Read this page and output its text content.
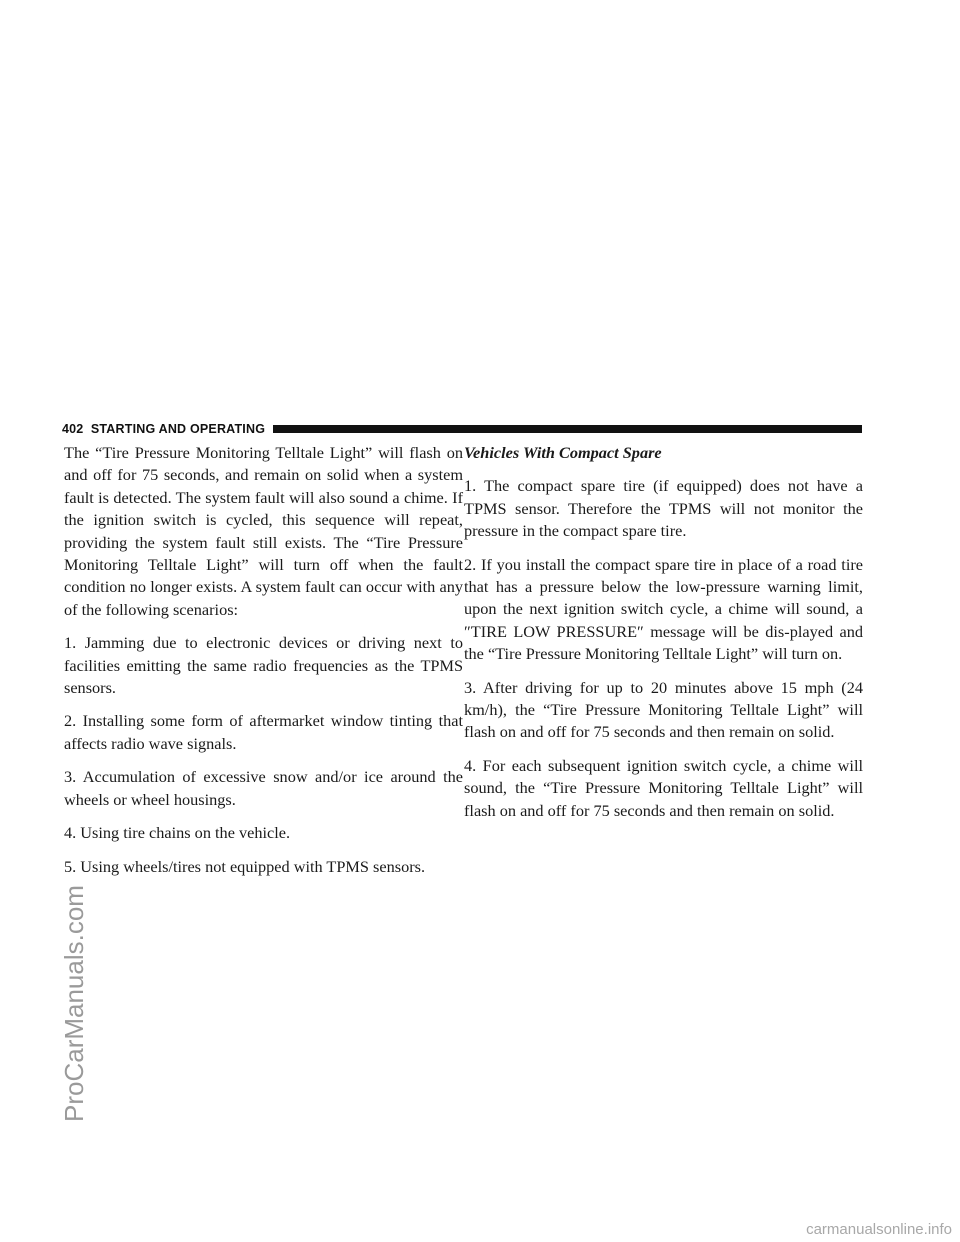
ProCarManuals.com
402 STARTING AND OPERATING

The “Tire Pressure Monitoring Telltale Light” will flash on and off for 75 seconds, and remain on solid when a system fault is detected. The system fault will also sound a chime. If the ignition switch is cycled, this sequence will repeat, providing the system fault still exists. The “Tire Pressure Monitoring Telltale Light” will turn off when the fault condition no longer exists. A system fault can occur with any of the following scenarios:

1. Jamming due to electronic devices or driving next to facilities emitting the same radio frequencies as the TPMS sensors.

2. Installing some form of aftermarket window tinting that affects radio wave signals.

3. Accumulation of excessive snow and/or ice around the wheels or wheel housings.

4. Using tire chains on the vehicle.

5. Using wheels/tires not equipped with TPMS sensors.

Vehicles With Compact Spare

1. The compact spare tire (if equipped) does not have a TPMS sensor. Therefore the TPMS will not monitor the pressure in the compact spare tire.

2. If you install the compact spare tire in place of a road tire that has a pressure below the low-pressure warning limit, upon the next ignition switch cycle, a chime will sound, a ″TIRE LOW PRESSURE″ message will be dis-played and the “Tire Pressure Monitoring Telltale Light” will turn on.

3. After driving for up to 20 minutes above 15 mph (24 km/h), the “Tire Pressure Monitoring Telltale Light” will flash on and off for 75 seconds and then remain on solid.

4. For each subsequent ignition switch cycle, a chime will sound, the “Tire Pressure Monitoring Telltale Light” will flash on and off for 75 seconds and then remain on solid.

carmanualsonline.info
